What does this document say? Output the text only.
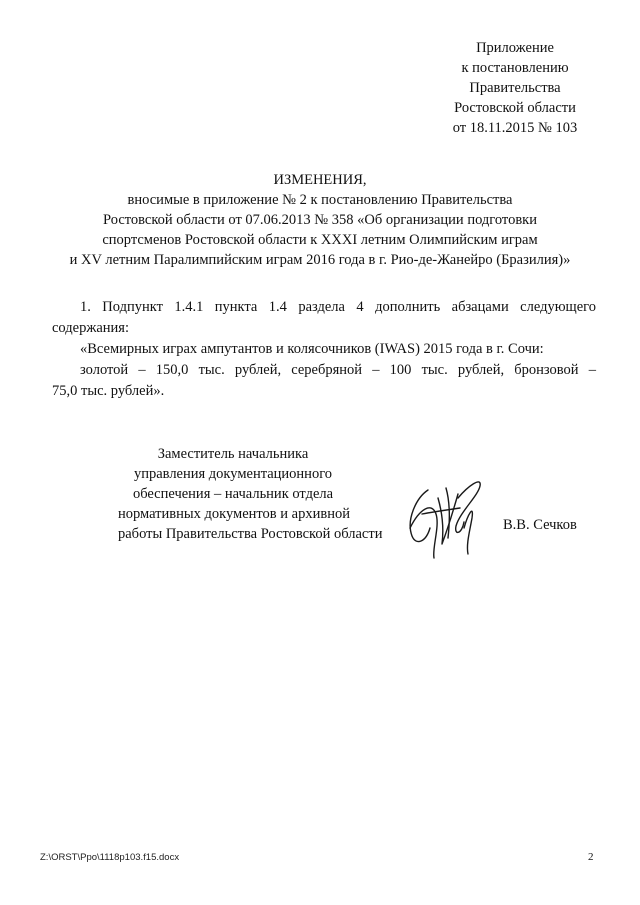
Приложение
к постановлению
Правительства
Ростовской области
от 18.11.2015 № 103
ИЗМЕНЕНИЯ,
вносимые в приложение № 2 к постановлению Правительства
Ростовской области от 07.06.2013 № 358 «Об организации подготовки
спортсменов Ростовской области к XXXI летним Олимпийским играм
и XV летним Паралимпийским играм 2016 года в г. Рио-де-Жанейро (Бразилия)»
1. Подпункт 1.4.1 пункта 1.4 раздела 4 дополнить абзацами следующего
содержания:
«Всемирных играх ампутантов и колясочников (IWAS) 2015 года в г. Сочи:
золотой – 150,0 тыс. рублей, серебряной – 100 тыс. рублей, бронзовой –
75,0 тыс. рублей».
Заместитель начальника
управления документационного
обеспечения – начальник отдела
нормативных документов и архивной
работы Правительства Ростовской области
В.В. Сечков
Z:\ORST\Ppo\1118p103.f15.docx	2
